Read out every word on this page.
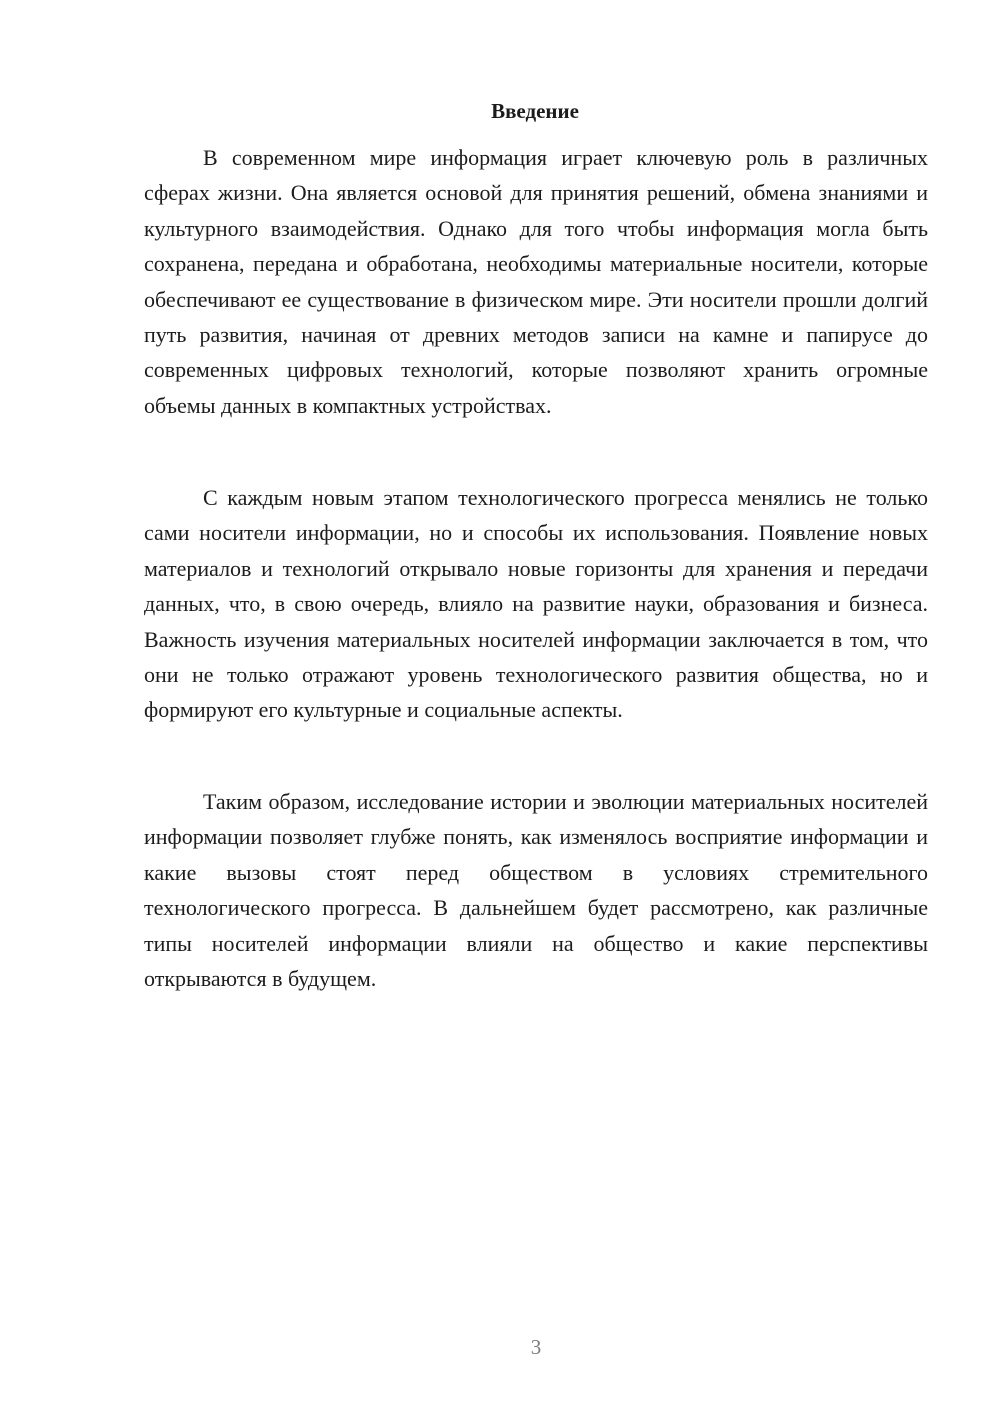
Введение

В современном мире информация играет ключевую роль в различных сферах жизни. Она является основой для принятия решений, обмена знаниями и культурного взаимодействия. Однако для того чтобы информация могла быть сохранена, передана и обработана, необходимы материальные носители, которые обеспечивают ее существование в физическом мире. Эти носители прошли долгий путь развития, начиная от древних методов записи на камне и папирусе до современных цифровых технологий, которые позволяют хранить огромные объемы данных в компактных устройствах.

С каждым новым этапом технологического прогресса менялись не только сами носители информации, но и способы их использования. Появление новых материалов и технологий открывало новые горизонты для хранения и передачи данных, что, в свою очередь, влияло на развитие науки, образования и бизнеса. Важность изучения материальных носителей информации заключается в том, что они не только отражают уровень технологического развития общества, но и формируют его культурные и социальные аспекты.

Таким образом, исследование истории и эволюции материальных носителей информации позволяет глубже понять, как изменялось восприятие информации и какие вызовы стоят перед обществом в условиях стремительного технологического прогресса. В дальнейшем будет рассмотрено, как различные типы носителей информации влияли на общество и какие перспективы открываются в будущем.

3
